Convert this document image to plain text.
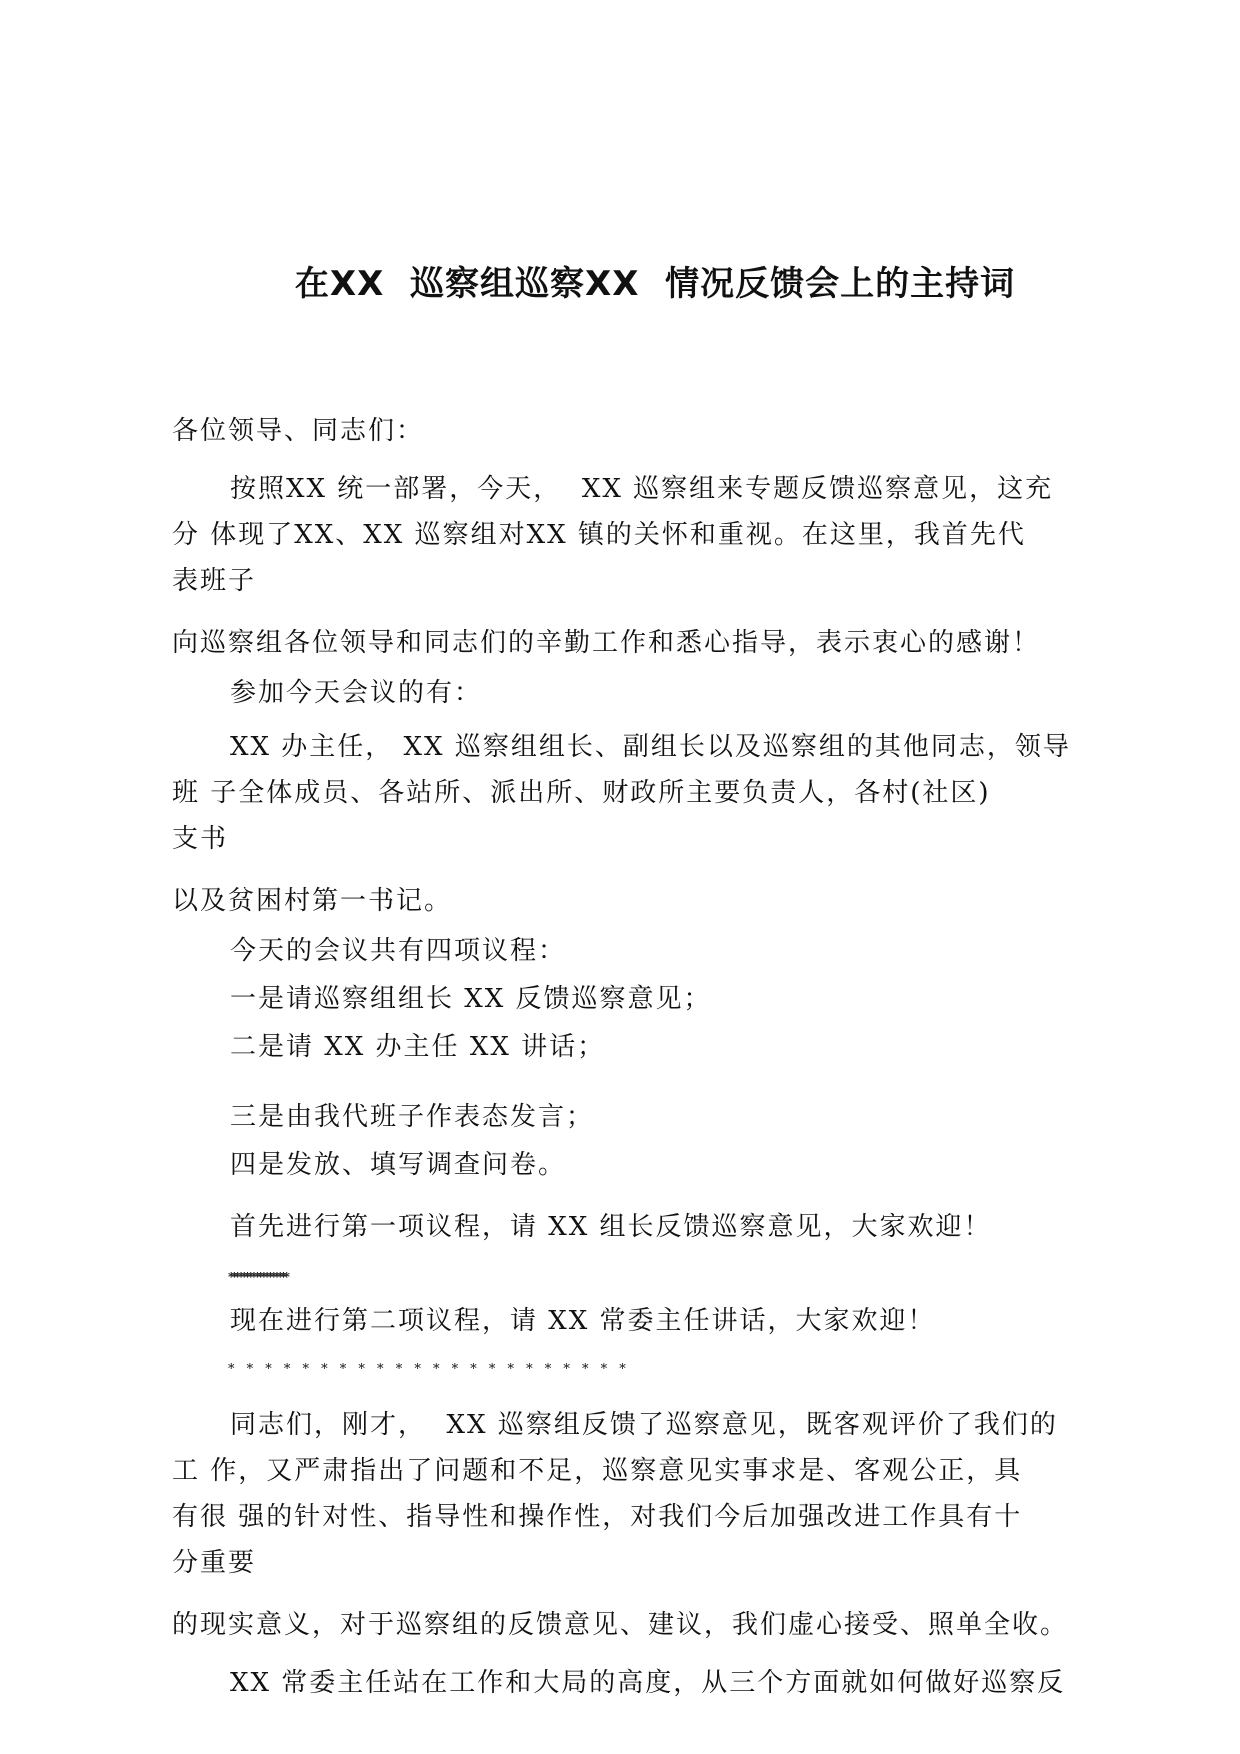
在XX  巡察组巡察XX  情况反馈会上的主持词
各位领导、同志们：
按照XX 统一部署，今天，  XX 巡察组来专题反馈巡察意见，这充
分 体现了XX、XX 巡察组对XX 镇的关怀和重视。在这里，我首先代
表班子
向巡察组各位领导和同志们的辛勤工作和悉心指导，表示衷心的感谢！
参加今天会议的有：
XX 办主任， XX 巡察组组长、副组长以及巡察组的其他同志，领导
班 子全体成员、各站所、派出所、财政所主要负责人，各村(社区)
支书
以及贫困村第一书记。
今天的会议共有四项议程：
一是请巡察组组长 XX 反馈巡察意见；
二是请 XX 办主任 XX 讲话；
三是由我代班子作表态发言；
四是发放、填写调查问卷。
首先进行第一项议程，请 XX 组长反馈巡察意见，大家欢迎！
******************
现在进行第二项议程，请 XX 常委主任讲话，大家欢迎！
* * * * * * * * * * * * * * * * * * * * * *
同志们，刚才，  XX 巡察组反馈了巡察意见，既客观评价了我们的
工 作，又严肃指出了问题和不足，巡察意见实事求是、客观公正，具
有很 强的针对性、指导性和操作性，对我们今后加强改进工作具有十
分重要
的现实意义，对于巡察组的反馈意见、建议，我们虚心接受、照单全收。
XX 常委主任站在工作和大局的高度，从三个方面就如何做好巡察反
